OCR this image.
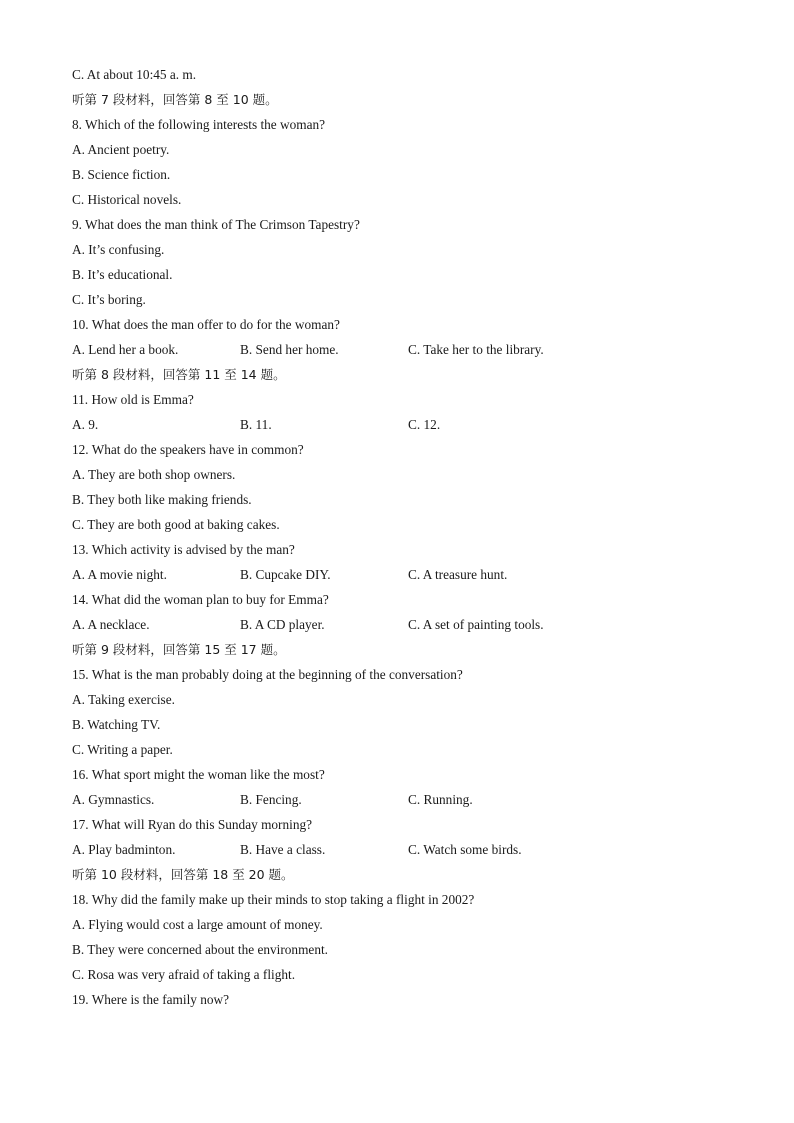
C. At about 10:45 a. m.
听第 7 段材料，回答第 8 至 10 题。
8. Which of the following interests the woman?
A. Ancient poetry.
B. Science fiction.
C. Historical novels.
9. What does the man think of The Crimson Tapestry?
A. It’s confusing.
B. It’s educational.
C. It’s boring.
10. What does the man offer to do for the woman?
A. Lend her a book.	B. Send her home.	C. Take her to the library.
听第 8 段材料，回答第 11 至 14 题。
11. How old is Emma?
A. 9.	B. 11.	C. 12.
12. What do the speakers have in common?
A. They are both shop owners.
B. They both like making friends.
C. They are both good at baking cakes.
13. Which activity is advised by the man?
A. A movie night.	B. Cupcake DIY.	C. A treasure hunt.
14. What did the woman plan to buy for Emma?
A. A necklace.	B. A CD player.	C. A set of painting tools.
听第 9 段材料，回答第 15 至 17 题。
15. What is the man probably doing at the beginning of the conversation?
A. Taking exercise.
B. Watching TV.
C. Writing a paper.
16. What sport might the woman like the most?
A. Gymnastics.	B. Fencing.	C. Running.
17. What will Ryan do this Sunday morning?
A. Play badminton.	B. Have a class.	C. Watch some birds.
听第 10 段材料，回答第 18 至 20 题。
18. Why did the family make up their minds to stop taking a flight in 2002?
A. Flying would cost a large amount of money.
B. They were concerned about the environment.
C. Rosa was very afraid of taking a flight.
19. Where is the family now?
